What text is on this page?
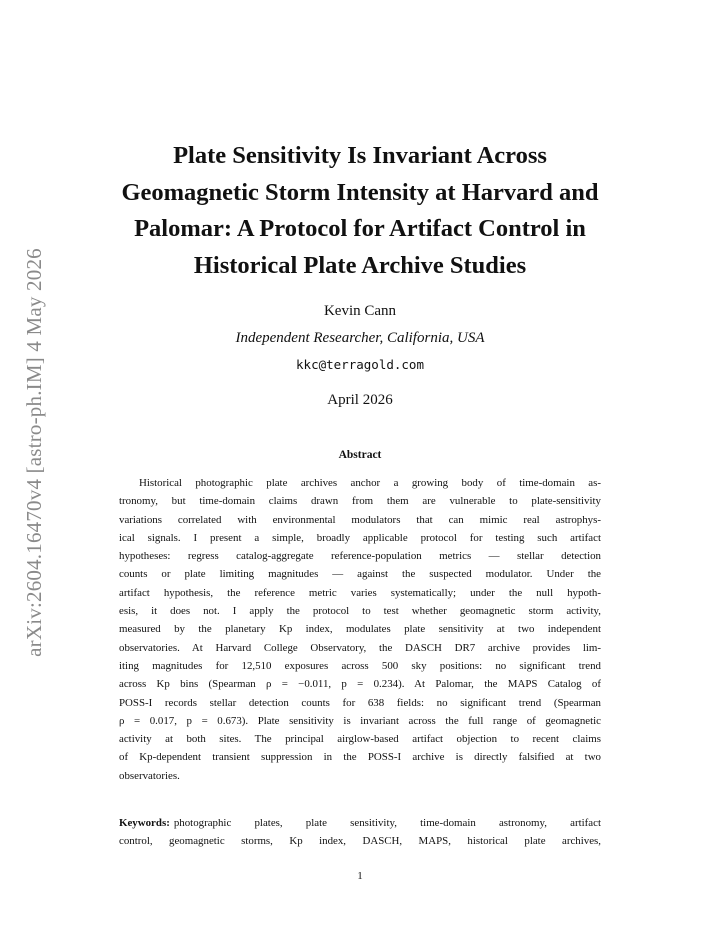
arXiv:2604.16470v4 [astro-ph.IM] 4 May 2026
Plate Sensitivity Is Invariant Across
Geomagnetic Storm Intensity at Harvard and
Palomar: A Protocol for Artifact Control in
Historical Plate Archive Studies
Kevin Cann
Independent Researcher, California, USA
kkc@terragold.com
April 2026
Abstract
Historical photographic plate archives anchor a growing body of time-domain as-
tronomy, but time-domain claims drawn from them are vulnerable to plate-sensitivity
variations correlated with environmental modulators that can mimic real astrophys-
ical signals. I present a simple, broadly applicable protocol for testing such artifact
hypotheses: regress catalog-aggregate reference-population metrics — stellar detection
counts or plate limiting magnitudes — against the suspected modulator. Under the
artifact hypothesis, the reference metric varies systematically; under the null hypoth-
esis, it does not. I apply the protocol to test whether geomagnetic storm activity,
measured by the planetary Kp index, modulates plate sensitivity at two independent
observatories. At Harvard College Observatory, the DASCH DR7 archive provides lim-
iting magnitudes for 12,510 exposures across 500 sky positions: no significant trend
across Kp bins (Spearman ρ = −0.011, p = 0.234). At Palomar, the MAPS Catalog of
POSS-I records stellar detection counts for 638 fields: no significant trend (Spearman
ρ = 0.017, p = 0.673). Plate sensitivity is invariant across the full range of geomagnetic
activity at both sites. The principal airglow-based artifact objection to recent claims
of Kp-dependent transient suppression in the POSS-I archive is directly falsified at two
observatories.
Keywords: photographic plates, plate sensitivity, time-domain astronomy, artifact
control, geomagnetic storms, Kp index, DASCH, MAPS, historical plate archives,
1
